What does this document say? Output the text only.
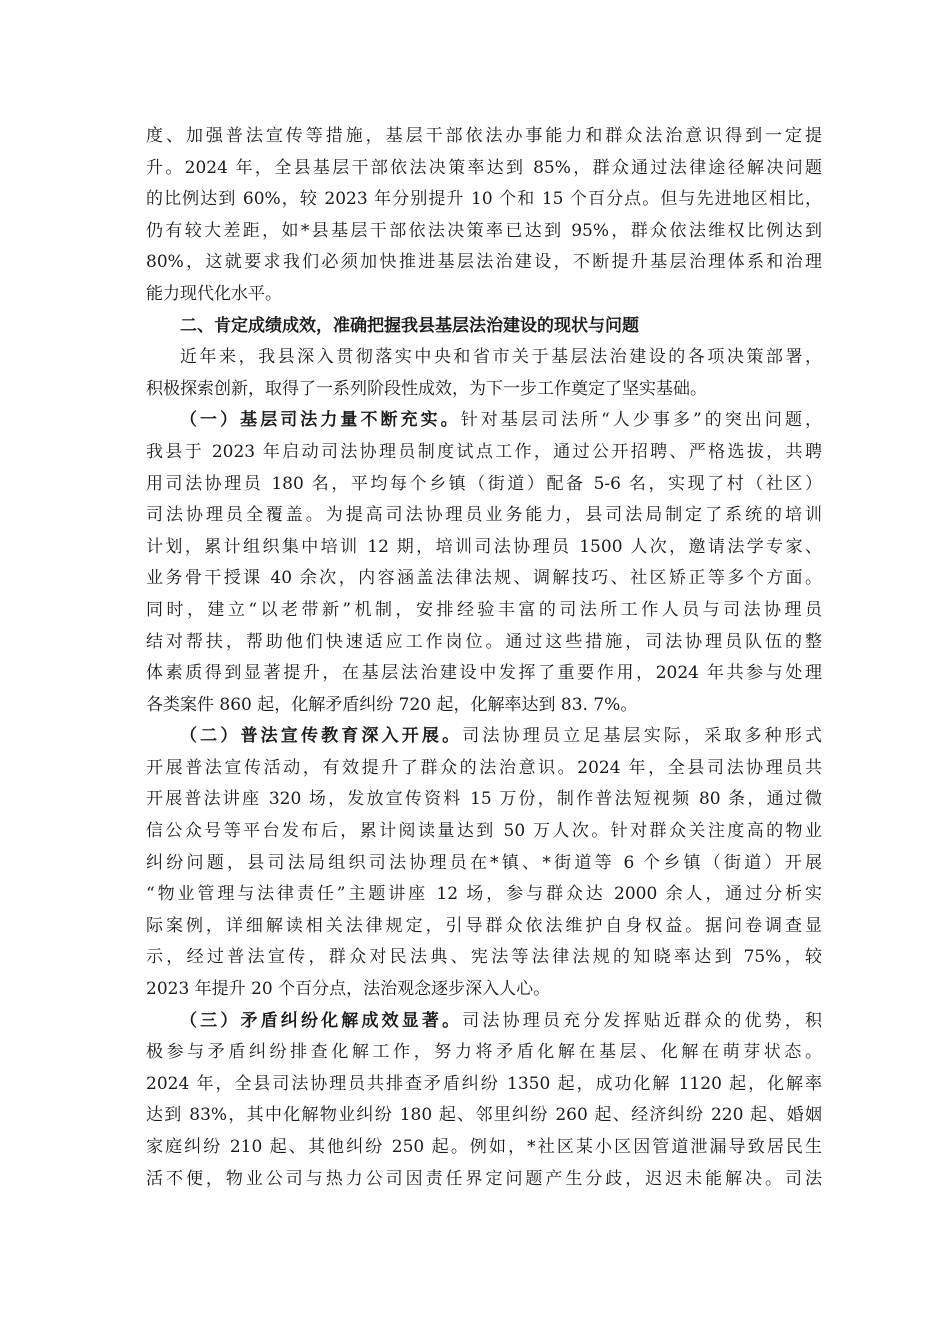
度、加强普法宣传等措施，基层干部依法办事能力和群众法治意识得到一定提
升。2024 年，全县基层干部依法决策率达到 85%，群众通过法律途径解决问题
的比例达到 60%，较 2023 年分别提升 10 个和 15 个百分点。但与先进地区相比，
仍有较大差距，如*县基层干部依法决策率已达到 95%，群众依法维权比例达到
80%，这就要求我们必须加快推进基层法治建设，不断提升基层治理体系和治理
能力现代化水平。
二、肯定成绩成效，准确把握我县基层法治建设的现状与问题
近年来，我县深入贯彻落实中央和省市关于基层法治建设的各项决策部署，
积极探索创新，取得了一系列阶段性成效，为下一步工作奠定了坚实基础。
（一）基层司法力量不断充实。针对基层司法所“人少事多”的突出问题，
我县于 2023 年启动司法协理员制度试点工作，通过公开招聘、严格选拔，共聘
用司法协理员 180 名，平均每个乡镇（街道）配备 5-6 名，实现了村（社区）
司法协理员全覆盖。为提高司法协理员业务能力，县司法局制定了系统的培训
计划，累计组织集中培训 12 期，培训司法协理员 1500 人次，邀请法学专家、
业务骨干授课 40 余次，内容涵盖法律法规、调解技巧、社区矫正等多个方面。
同时，建立“以老带新”机制，安排经验丰富的司法所工作人员与司法协理员
结对帮扶，帮助他们快速适应工作岗位。通过这些措施，司法协理员队伍的整
体素质得到显著提升，在基层法治建设中发挥了重要作用，2024 年共参与处理
各类案件 860 起，化解矛盾纠纷 720 起，化解率达到 83. 7%。
（二）普法宣传教育深入开展。司法协理员立足基层实际，采取多种形式
开展普法宣传活动，有效提升了群众的法治意识。2024 年，全县司法协理员共
开展普法讲座 320 场，发放宣传资料 15 万份，制作普法短视频 80 条，通过微
信公众号等平台发布后，累计阅读量达到 50 万人次。针对群众关注度高的物业
纠纷问题，县司法局组织司法协理员在*镇、*街道等 6 个乡镇（街道）开展
“物业管理与法律责任”主题讲座 12 场，参与群众达 2000 余人，通过分析实
际案例，详细解读相关法律规定，引导群众依法维护自身权益。据问卷调查显
示，经过普法宣传，群众对民法典、宪法等法律法规的知晓率达到 75%，较
2023 年提升 20 个百分点，法治观念逐步深入人心。
（三）矛盾纠纷化解成效显著。司法协理员充分发挥贴近群众的优势，积
极参与矛盾纠纷排查化解工作，努力将矛盾化解在基层、化解在萌芽状态。
2024 年，全县司法协理员共排查矛盾纠纷 1350 起，成功化解 1120 起，化解率
达到 83%，其中化解物业纠纷 180 起、邻里纠纷 260 起、经济纠纷 220 起、婚姻
家庭纠纷 210 起、其他纠纷 250 起。例如，*社区某小区因管道泄漏导致居民生
活不便，物业公司与热力公司因责任界定问题产生分歧，迟迟未能解决。司法
